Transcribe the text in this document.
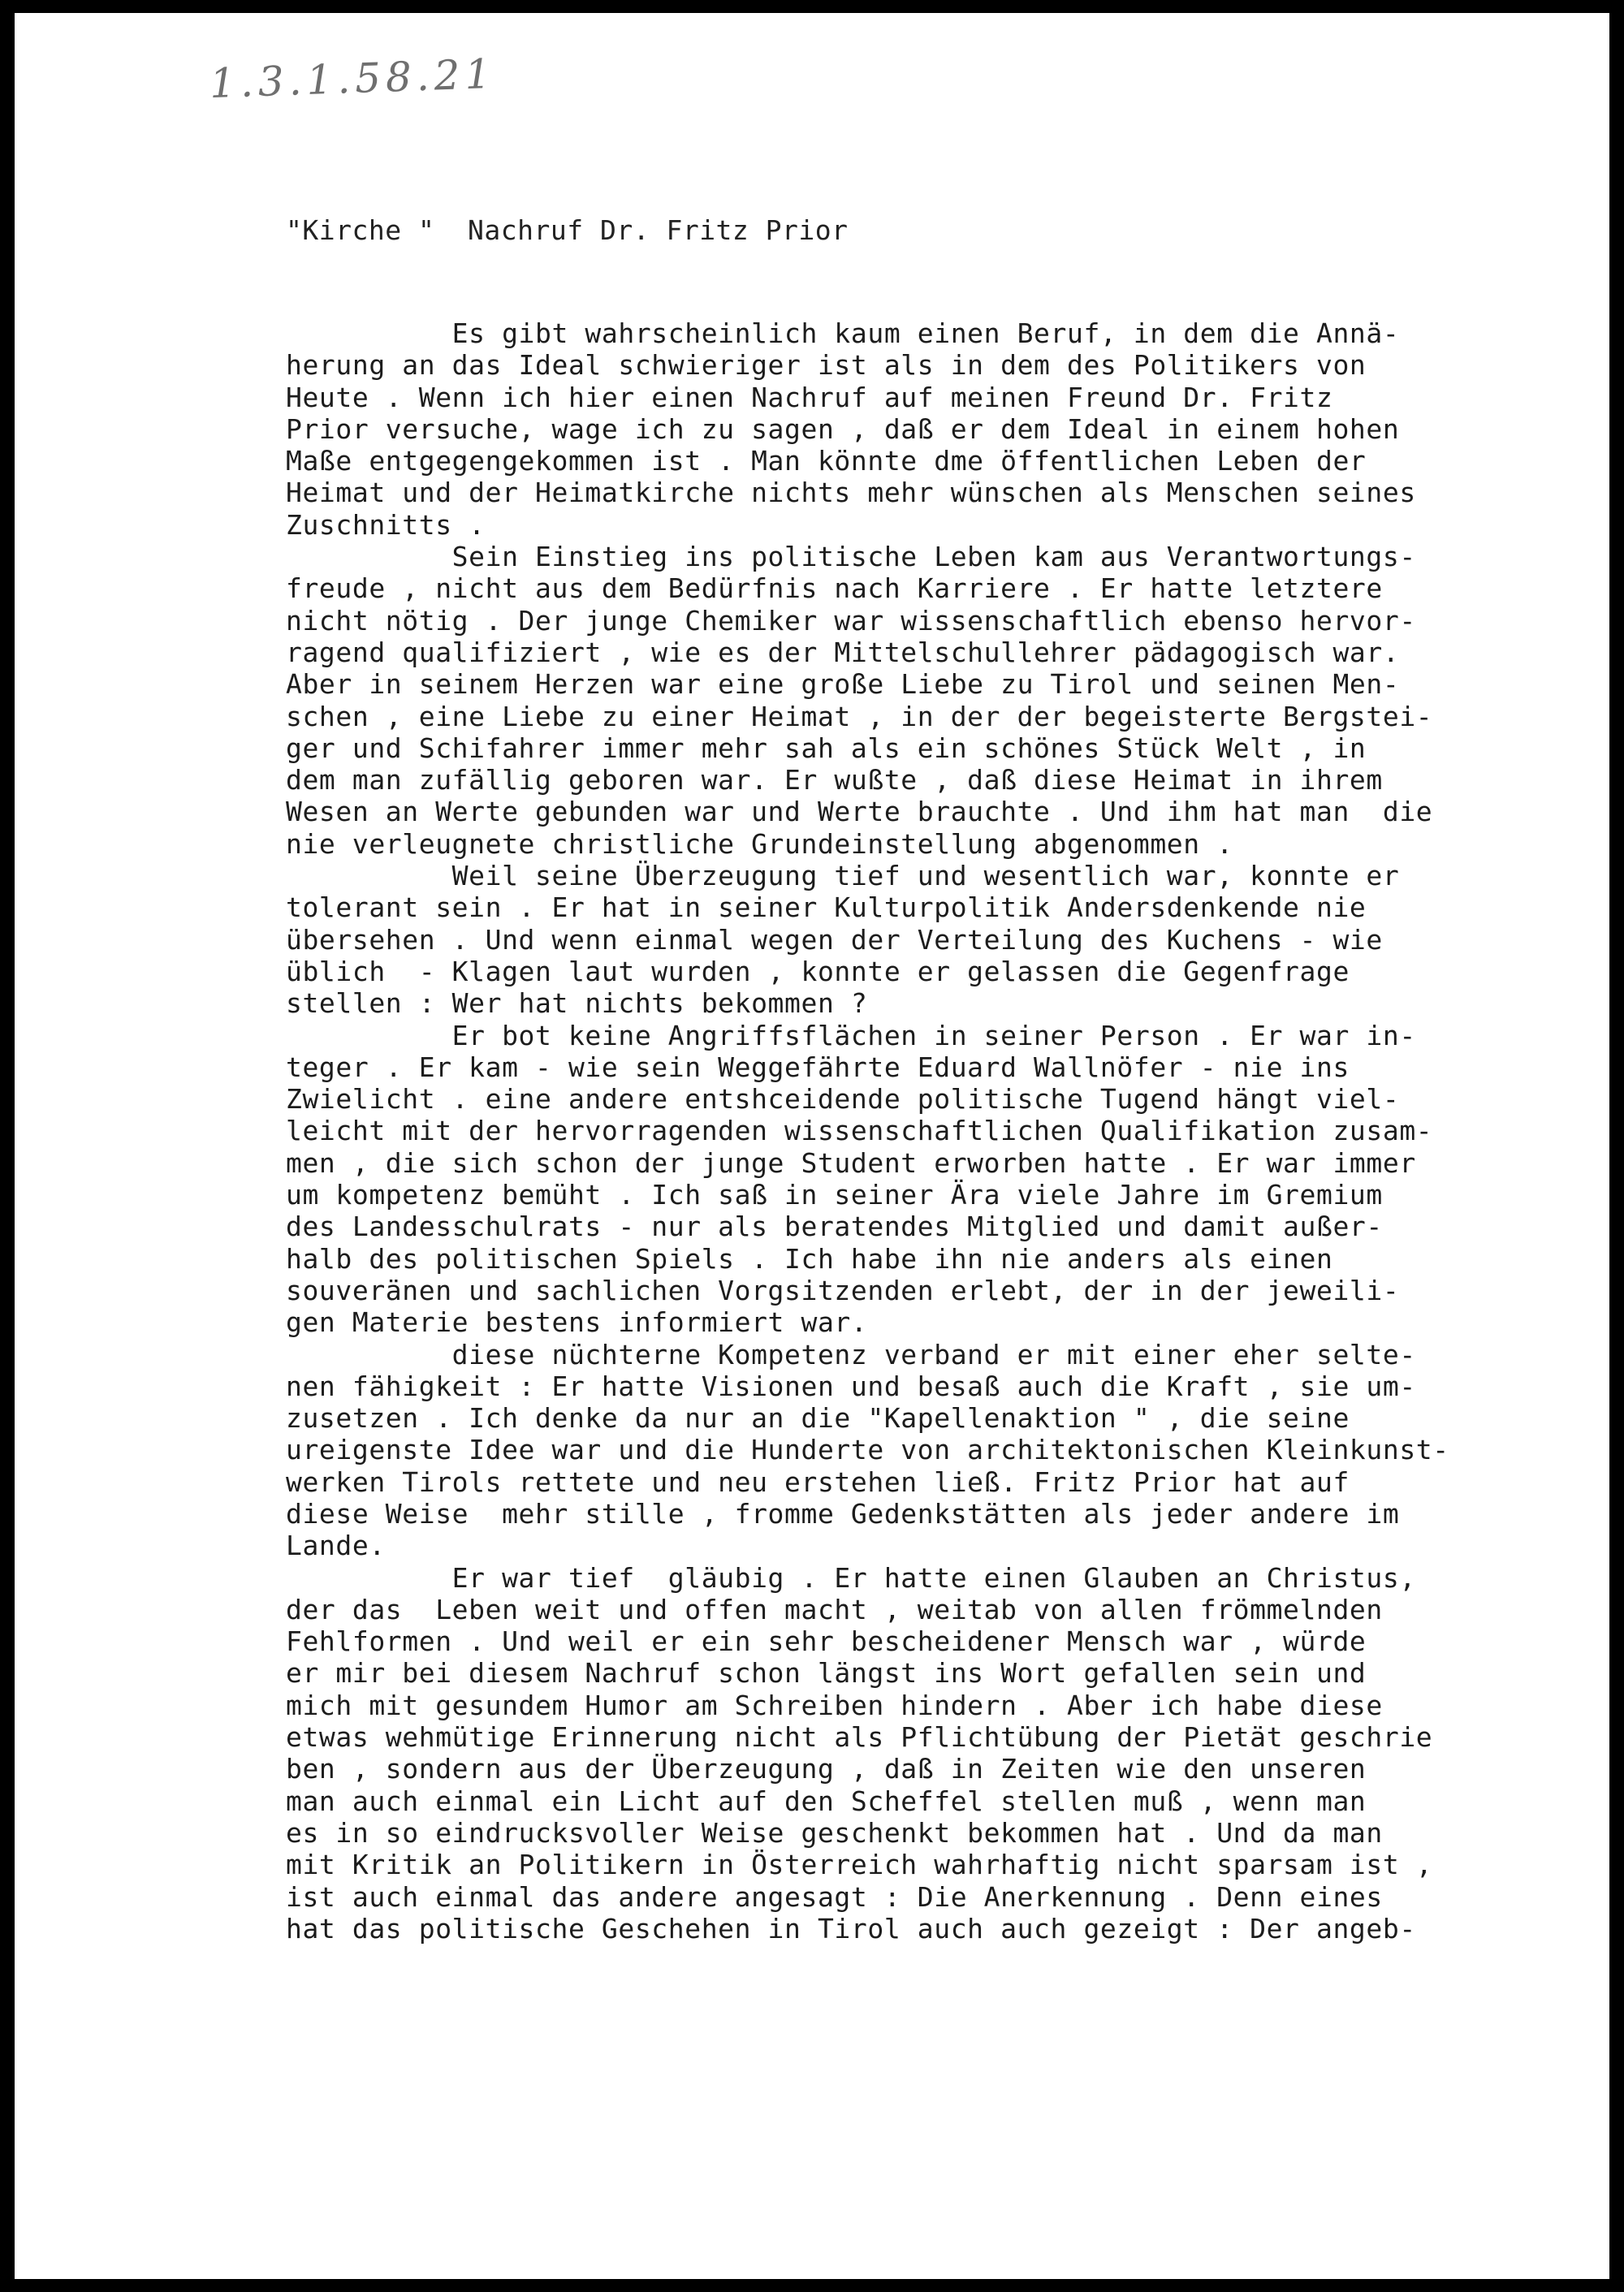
1.3.1.58.21
"Kirche "  Nachruf Dr. Fritz Prior
Es gibt wahrscheinlich kaum einen Beruf, in dem die Annä-
herung an das Ideal schwieriger ist als in dem des Politikers von
Heute . Wenn ich hier einen Nachruf auf meinen Freund Dr. Fritz
Prior versuche, wage ich zu sagen , daß er dem Ideal in einem hohen
Maße entgegengekommen ist . Man könnte dme öffentlichen Leben der
Heimat und der Heimatkirche nichts mehr wünschen als Menschen seines
Zuschnitts .
Sein Einstieg ins politische Leben kam aus Verantwortungs-
freude , nicht aus dem Bedürfnis nach Karriere . Er hatte letztere
nicht nötig . Der junge Chemiker war wissenschaftlich ebenso hervor-
ragend qualifiziert , wie es der Mittelschullehrer pädagogisch war.
Aber in seinem Herzen war eine große Liebe zu Tirol und seinen Men-
schen , eine Liebe zu einer Heimat , in der der begeisterte Bergstei-
ger und Schifahrer immer mehr sah als ein schönes Stück Welt , in
dem man zufällig geboren war. Er wußte , daß diese Heimat in ihrem
Wesen an Werte gebunden war und Werte brauchte . Und ihm hat man  die
nie verleugnete christliche Grundeinstellung abgenommen .
Weil seine Überzeugung tief und wesentlich war, konnte er
tolerant sein . Er hat in seiner Kulturpolitik Andersdenkende nie
übersehen . Und wenn einmal wegen der Verteilung des Kuchens - wie
üblich  - Klagen laut wurden , konnte er gelassen die Gegenfrage
stellen : Wer hat nichts bekommen ?
Er bot keine Angriffsflächen in seiner Person . Er war in-
teger . Er kam - wie sein Weggefährte Eduard Wallnöfer - nie ins
Zwielicht . eine andere entshceidende politische Tugend hängt viel-
leicht mit der hervorragenden wissenschaftlichen Qualifikation zusam-
men , die sich schon der junge Student erworben hatte . Er war immer
um kompetenz bemüht . Ich saß in seiner Ära viele Jahre im Gremium
des Landesschulrats - nur als beratendes Mitglied und damit außer-
halb des politischen Spiels . Ich habe ihn nie anders als einen
souveränen und sachlichen Vorgsitzenden erlebt, der in der jeweili-
gen Materie bestens informiert war.
diese nüchterne Kompetenz verband er mit einer eher selte-
nen fähigkeit : Er hatte Visionen und besaß auch die Kraft , sie um-
zusetzen . Ich denke da nur an die "Kapellenaktion " , die seine
ureigenste Idee war und die Hunderte von architektonischen Kleinkunst-
werken Tirols rettete und neu erstehen ließ. Fritz Prior hat auf
diese Weise  mehr stille , fromme Gedenkstätten als jeder andere im
Lande.
Er war tief  gläubig . Er hatte einen Glauben an Christus,
der das  Leben weit und offen macht , weitab von allen frömmelnden
Fehlformen . Und weil er ein sehr bescheidener Mensch war , würde
er mir bei diesem Nachruf schon längst ins Wort gefallen sein und
mich mit gesundem Humor am Schreiben hindern . Aber ich habe diese
etwas wehmütige Erinnerung nicht als Pflichtübung der Pietät geschrie
ben , sondern aus der Überzeugung , daß in Zeiten wie den unseren
man auch einmal ein Licht auf den Scheffel stellen muß , wenn man
es in so eindrucksvoller Weise geschenkt bekommen hat . Und da man
mit Kritik an Politikern in Österreich wahrhaftig nicht sparsam ist ,
ist auch einmal das andere angesagt : Die Anerkennung . Denn eines
hat das politische Geschehen in Tirol auch auch gezeigt : Der angeb-
